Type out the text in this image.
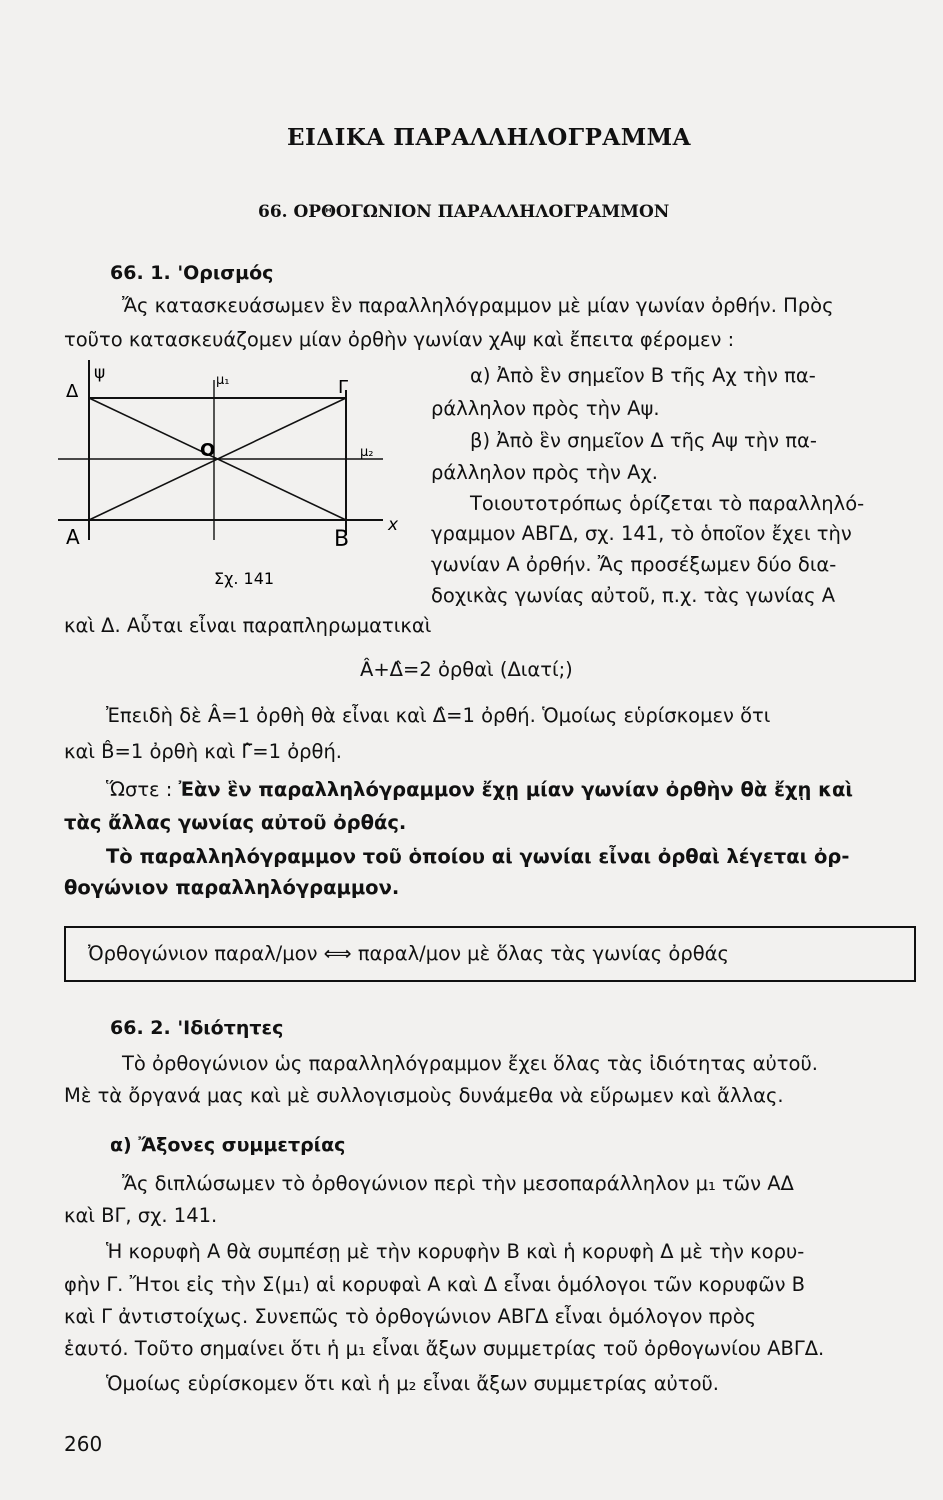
ΕΙΔΙΚΑ ΠΑΡΑΛΛΗΛΟΓΡΑΜΜΑ
66. ΟΡΘΟΓΩΝΙΟΝ ΠΑΡΑΛΛΗΛΟΓΡΑΜΜΟΝ
66. 1. 'Ορισμός
Ἄς κατασκευάσωμεν ἓν παραλληλόγραμμον μὲ μίαν γωνίαν ὀρθήν. Πρὸς
τοῦτο κατασκευάζομεν μίαν ὀρθὴν γωνίαν χΑψ καὶ ἔπειτα φέρομεν :
ψ
Δ	Γ
μ₁
Ο	μ₂
Α	Β
x
Σχ. 141
α) Ἀπὸ ἓν σημεῖον Β τῆς Αχ τὴν πα-
ράλληλον πρὸς τὴν Αψ.
β) Ἀπὸ ἓν σημεῖον Δ τῆς Αψ τὴν πα-
ράλληλον πρὸς τὴν Αχ.
Τοιουτοτρόπως ὁρίζεται τὸ παραλληλό-
γραμμον ΑΒΓΔ, σχ. 141, τὸ ὁποῖον ἔχει τὴν
γωνίαν Α ὀρθήν. Ἄς προσέξωμεν δύο δια-
δοχικὰς γωνίας αὐτοῦ, π.χ. τὰς γωνίας Α
καὶ Δ. Αὗται εἶναι παραπληρωματικαὶ
Â+Δ̂=2 ὀρθαὶ (Διατί;)
Ἐπειδὴ δὲ Â=1 ὀρθὴ θὰ εἶναι καὶ Δ̂=1 ὀρθή. Ὁμοίως εὑρίσκομεν ὅτι
καὶ B̂=1 ὀρθὴ καὶ Γ̂=1 ὀρθή.
Ὥστε : Ἐὰν ἓν παραλληλόγραμμον ἔχῃ μίαν γωνίαν ὀρθὴν θὰ ἔχῃ καὶ
τὰς ἄλλας γωνίας αὐτοῦ ὀρθάς.
Τὸ παραλληλόγραμμον τοῦ ὁποίου αἱ γωνίαι εἶναι ὀρθαὶ λέγεται ὀρ-
θογώνιον παραλληλόγραμμον.
Ὀρθογώνιον παραλ/μον ⟺ παραλ/μον μὲ ὅλας τὰς γωνίας ὀρθάς
66. 2. 'Ιδιότητες
Τὸ ὀρθογώνιον ὡς παραλληλόγραμμον ἔχει ὅλας τὰς ἰδιότητας αὐτοῦ.
Μὲ τὰ ὄργανά μας καὶ μὲ συλλογισμοὺς δυνάμεθα νὰ εὕρωμεν καὶ ἄλλας.
α) Ἄξονες συμμετρίας
Ἄς διπλώσωμεν τὸ ὀρθογώνιον περὶ τὴν μεσοπαράλληλον μ₁ τῶν ΑΔ
καὶ ΒΓ, σχ. 141.
Ἡ κορυφὴ Α θὰ συμπέσῃ μὲ τὴν κορυφὴν Β καὶ ἡ κορυφὴ Δ μὲ τὴν κορυ-
φὴν Γ. Ἤτοι εἰς τὴν Σ(μ₁) αἱ κορυφαὶ Α καὶ Δ εἶναι ὁμόλογοι τῶν κορυφῶν Β
καὶ Γ ἀντιστοίχως. Συνεπῶς τὸ ὀρθογώνιον ΑΒΓΔ εἶναι ὁμόλογον πρὸς
ἑαυτό. Τοῦτο σημαίνει ὅτι ἡ μ₁ εἶναι ἄξων συμμετρίας τοῦ ὀρθογωνίου ΑΒΓΔ.
Ὁμοίως εὑρίσκομεν ὅτι καὶ ἡ μ₂ εἶναι ἄξων συμμετρίας αὐτοῦ.
260
